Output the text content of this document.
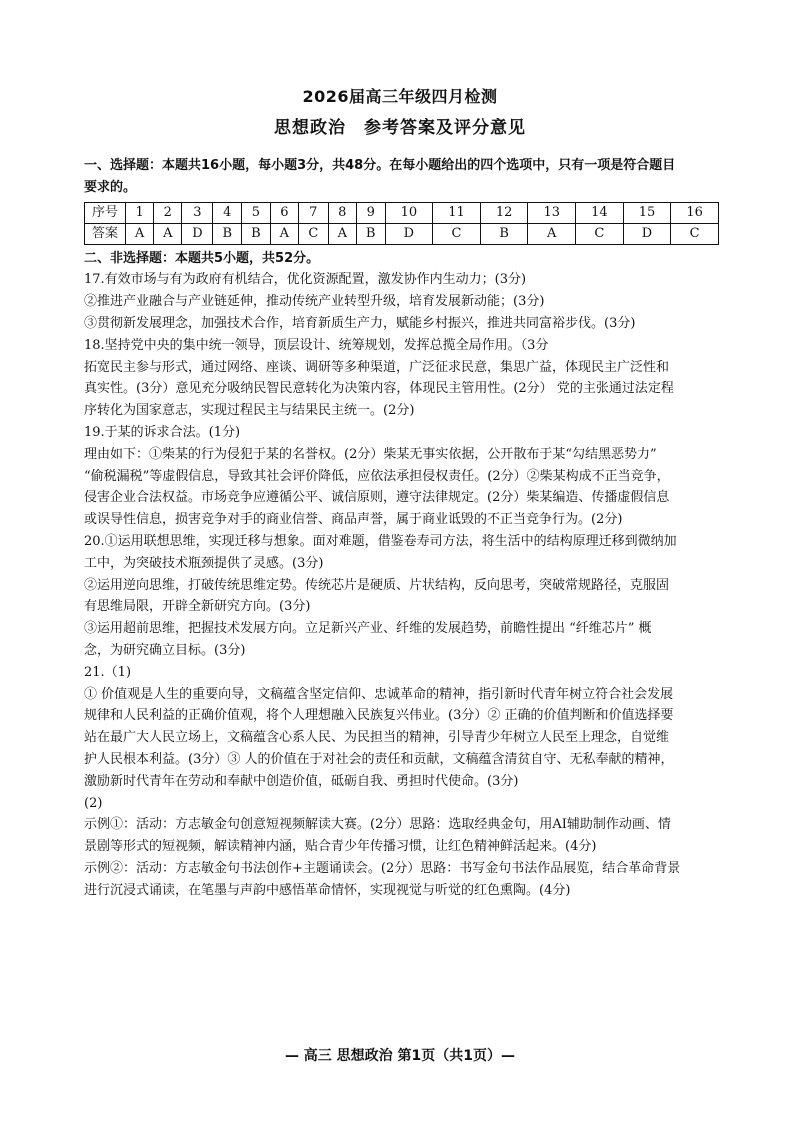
2026届高三年级四月检测
思想政治　参考答案及评分意见

一、选择题：本题共16小题，每小题3分，共48分。在每小题给出的四个选项中，只有一项是符合题目

要求的。

序号	1	2	3	4	5	6	7	8	9	10	11	12	13	14	15	16
答案	A	A	D	B	B	A	C	A	B	D	C	B	A	C	D	C

二、非选择题：本题共5小题，共52分。

17.有效市场与有为政府有机结合，优化资源配置，激发协作内生动力；(3分)

②推进产业融合与产业链延伸，推动传统产业转型升级，培育发展新动能；(3分)

③贯彻新发展理念，加强技术合作，培育新质生产力，赋能乡村振兴，推进共同富裕步伐。(3分)

18.坚持党中央的集中统一领导，顶层设计、统筹规划，发挥总揽全局作用。（3分

拓宽民主参与形式，通过网络、座谈、调研等多种渠道，广泛征求民意，集思广益，体现民主广泛性和

真实性。(3分）意见充分吸纳民智民意转化为决策内容，体现民主管用性。(2分） 党的主张通过法定程

序转化为国家意志，实现过程民主与结果民主统一。(2分)

19.于某的诉求合法。(1分)

理由如下：①柴某的行为侵犯于某的名誉权。(2分）柴某无事实依据，公开散布于某“勾结黑恶势力”

“偷税漏税”等虚假信息，导致其社会评价降低，应依法承担侵权责任。(2分）②柴某构成不正当竞争，

侵害企业合法权益。市场竞争应遵循公平、诚信原则，遵守法律规定。(2分）柴某编造、传播虚假信息

或误导性信息，损害竞争对手的商业信誉、商品声誉，属于商业诋毁的不正当竞争行为。(2分)

20.①运用联想思维，实现迁移与想象。面对难题，借鉴卷寿司方法，将生活中的结构原理迁移到微纳加

工中，为突破技术瓶颈提供了灵感。(3分)

②运用逆向思维，打破传统思维定势。传统芯片是硬质、片状结构，反向思考，突破常规路径，克服固

有思维局限，开辟全新研究方向。(3分)

③运用超前思维，把握技术发展方向。立足新兴产业、纤维的发展趋势，前瞻性提出 “纤维芯片” 概

念，为研究确立目标。(3分)

21.（1)

① 价值观是人生的重要向导，文稿蕴含坚定信仰、忠诚革命的精神，指引新时代青年树立符合社会发展

规律和人民利益的正确价值观，将个人理想融入民族复兴伟业。(3分）② 正确的价值判断和价值选择要

站在最广大人民立场上，文稿蕴含心系人民、为民担当的精神，引导青少年树立人民至上理念，自觉维

护人民根本利益。(3分）③ 人的价值在于对社会的责任和贡献，文稿蕴含清贫自守、无私奉献的精神，

激励新时代青年在劳动和奉献中创造价值，砥砺自我、勇担时代使命。(3分)

(2)

示例①：活动：方志敏金句创意短视频解读大赛。(2分）思路：选取经典金句，用AI辅助制作动画、情

景剧等形式的短视频，解读精神内涵，贴合青少年传播习惯，让红色精神鲜活起来。(4分)

示例②：活动：方志敏金句书法创作+主题诵读会。(2分）思路：书写金句书法作品展览，结合革命背景

进行沉浸式诵读，在笔墨与声韵中感悟革命情怀，实现视觉与听觉的红色熏陶。(4分)

— 高三 思想政治 第1页（共1页）—
